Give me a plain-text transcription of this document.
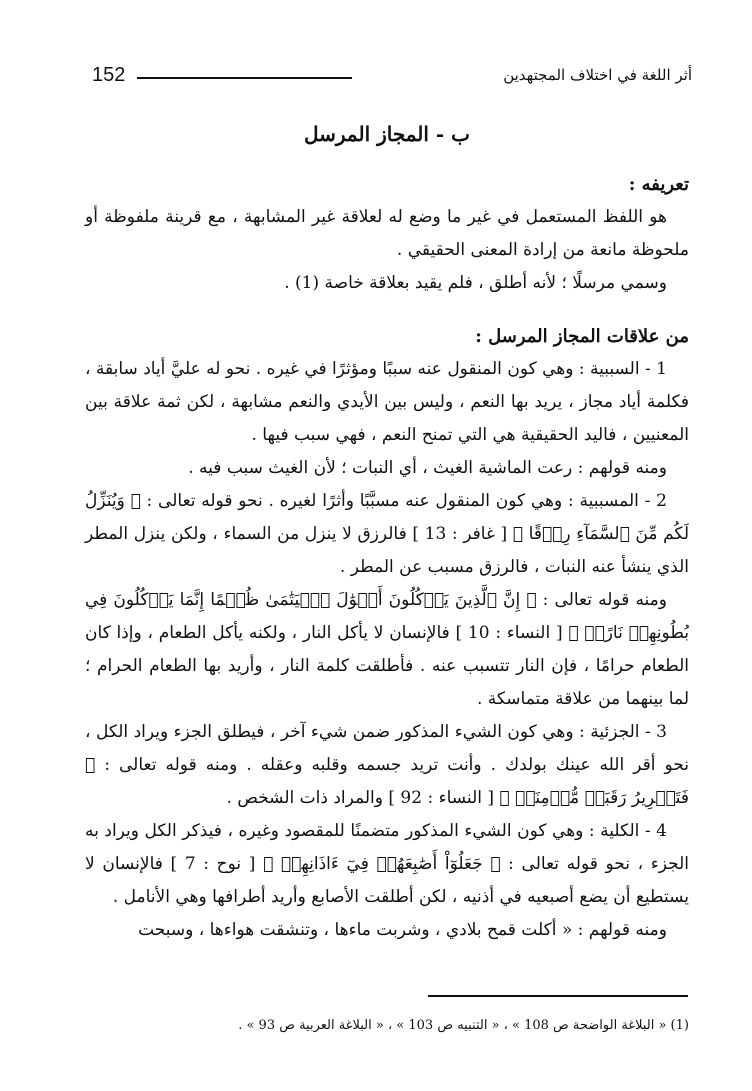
152	أثر اللغة في اختلاف المجتهدين
ب - المجاز المرسل
تعريفه :

هو اللفظ المستعمل في غير ما وضع له لعلاقة غير المشابهة ، مع قرينة ملفوظة أو ملحوظة مانعة من إرادة المعنى الحقيقي .

وسمي مرسلًا ؛ لأنه أطلق ، فلم يقيد بعلاقة خاصة (1) .

من علاقات المجاز المرسل :

1 - السببية : وهي كون المنقول عنه سببًا ومؤثرًا في غيره . نحو له عليَّ أياد سابقة ، فكلمة أياد مجاز ، يريد بها النعم ، وليس بين الأيدي والنعم مشابهة ، لكن ثمة علاقة بين المعنيين ، فاليد الحقيقية هي التي تمنح النعم ، فهي سبب فيها .

ومنه قولهم : رعت الماشية الغيث ، أي النبات ؛ لأن الغيث سبب فيه .

2 - المسببية : وهي كون المنقول عنه مسبَّبًا وأثرًا لغيره . نحو قوله تعالى : ﴿ وَيُنَزِّلُ لَكُم مِّنَ ٱلسَّمَآءِ رِزۡقًا ﴾ [ غافر : 13 ] فالرزق لا ينزل من السماء ، ولكن ينزل المطر الذي ينشأ عنه النبات ، فالرزق مسبب عن المطر .

ومنه قوله تعالى : ﴿ إِنَّ ٱلَّذِينَ يَأۡكُلُونَ أَمۡوَٰلَ ٱلۡيَتَٰمَىٰ ظُلۡمًا إِنَّمَا يَأۡكُلُونَ فِي بُطُونِهِمۡ نَارًاۖ ﴾ [ النساء : 10 ] فالإنسان لا يأكل النار ، ولكنه يأكل الطعام ، وإذا كان الطعام حرامًا ، فإن النار تتسبب عنه . فأطلقت كلمة النار ، وأريد بها الطعام الحرام ؛ لما بينهما من علاقة متماسكة .

3 - الجزئية : وهي كون الشيء المذكور ضمن شيء آخر ، فيطلق الجزء ويراد الكل ، نحو أقر الله عينك بولدك . وأنت تريد جسمه وقلبه وعقله . ومنه قوله تعالى : ﴿ فَتَحۡرِيرُ رَقَبَةٖ مُّؤۡمِنَةٖ ﴾ [ النساء : 92 ] والمراد ذات الشخص .

4 - الكلية : وهي كون الشيء المذكور متضمنًا للمقصود وغيره ، فيذكر الكل ويراد به الجزء ، نحو قوله تعالى : ﴿ جَعَلُوٓاْ أَصَٰبِعَهُمۡ فِيٓ ءَاذَانِهِمۡ ﴾ [ نوح : 7 ] فالإنسان لا يستطيع أن يضع أصبعيه في أذنيه ، لكن أطلقت الأصابع وأريد أطرافها وهي الأنامل .

ومنه قولهم : « أكلت قمح بلادي ، وشربت ماءها ، وتنشقت هواءها ، وسبحت

(1) « البلاغة الواضحة ص 108 » ، « التنبيه ص 103 » ، « البلاغة العربية ص 93 » .
